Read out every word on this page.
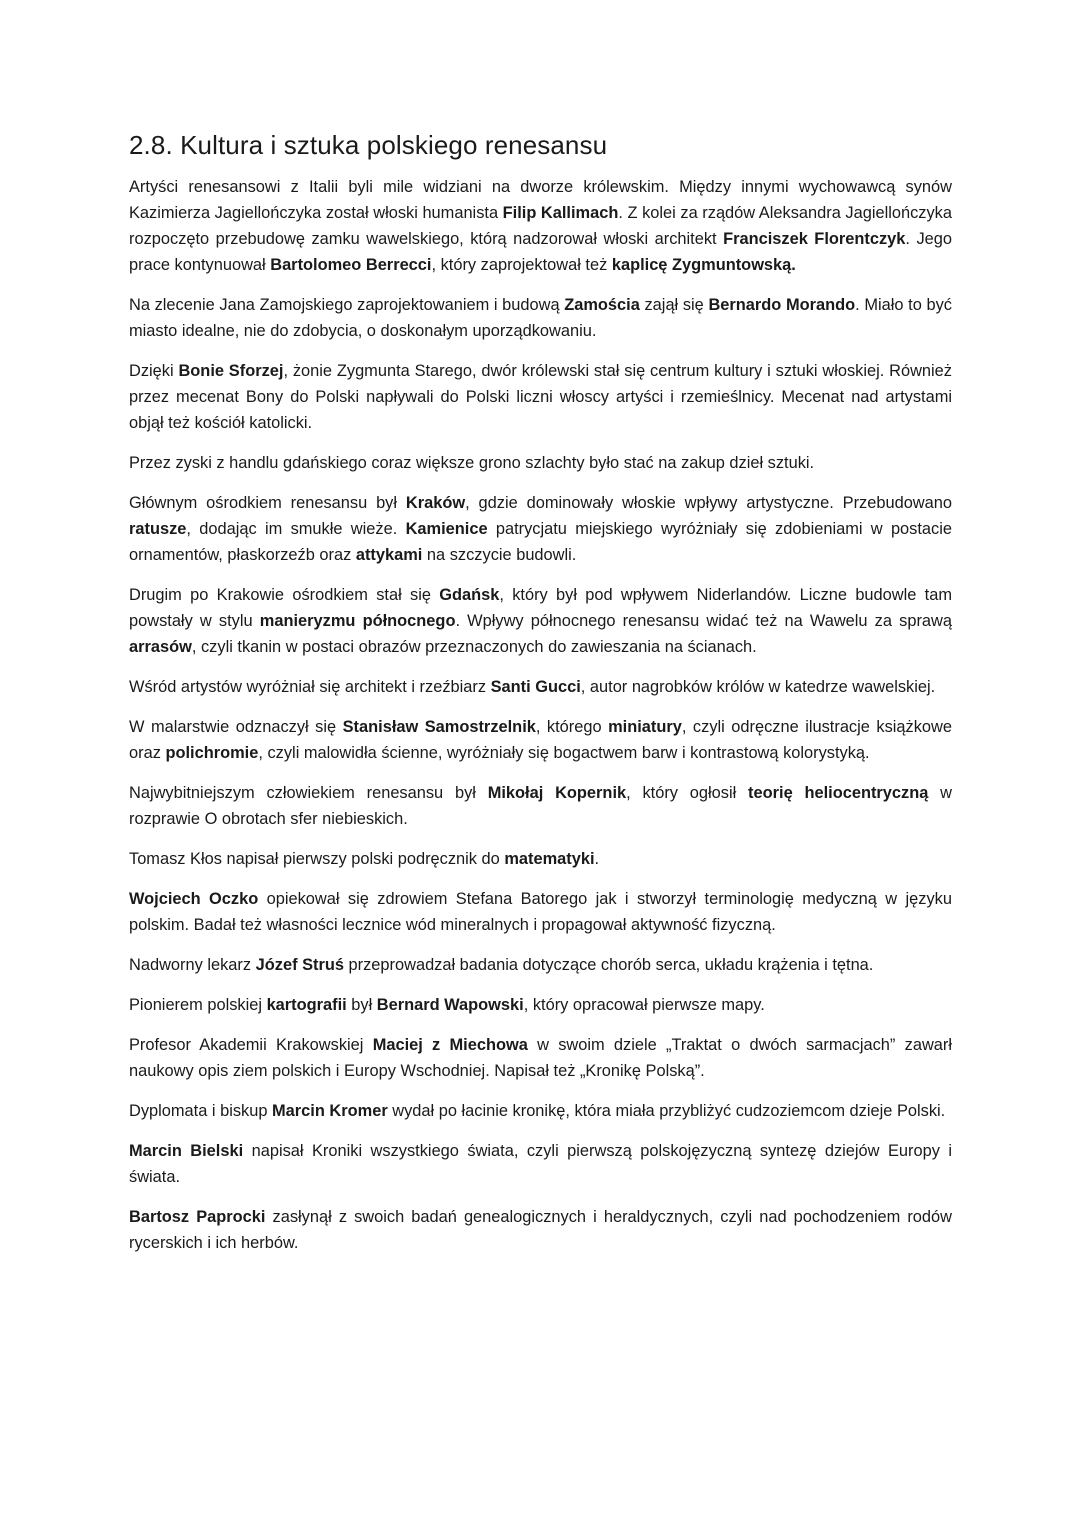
2.8. Kultura i sztuka polskiego renesansu

Artyści renesansowi z Italii byli mile widziani na dworze królewskim. Między innymi wychowawcą synów Kazimierza Jagiellończyka został włoski humanista Filip Kallimach. Z kolei za rządów Aleksandra Jagiellończyka rozpoczęto przebudowę zamku wawelskiego, którą nadzorował włoski architekt Franciszek Florentczyk. Jego prace kontynuował Bartolomeo Berrecci, który zaprojektował też kaplicę Zygmuntowską.

Na zlecenie Jana Zamojskiego zaprojektowaniem i budową Zamościa zajął się Bernardo Morando. Miało to być miasto idealne, nie do zdobycia, o doskonałym uporządkowaniu.

Dzięki Bonie Sforzej, żonie Zygmunta Starego, dwór królewski stał się centrum kultury i sztuki włoskiej. Również przez mecenat Bony do Polski napływali do Polski liczni włoscy artyści i rzemieślnicy. Mecenat nad artystami objął też kościół katolicki.

Przez zyski z handlu gdańskiego coraz większe grono szlachty było stać na zakup dzieł sztuki.

Głównym ośrodkiem renesansu był Kraków, gdzie dominowały włoskie wpływy artystyczne. Przebudowano ratusze, dodając im smukłe wieże. Kamienice patrycjatu miejskiego wyróżniały się zdobieniami w postacie ornamentów, płaskorzeźb oraz attykami na szczycie budowli.

Drugim po Krakowie ośrodkiem stał się Gdańsk, który był pod wpływem Niderlandów. Liczne budowle tam powstały w stylu manieryzmu północnego. Wpływy północnego renesansu widać też na Wawelu za sprawą arrasów, czyli tkanin w postaci obrazów przeznaczonych do zawieszania na ścianach.

Wśród artystów wyróżniał się architekt i rzeźbiarz Santi Gucci, autor nagrobków królów w katedrze wawelskiej.

W malarstwie odznaczył się Stanisław Samostrzelnik, którego miniatury, czyli odręczne ilustracje książkowe oraz polichromie, czyli malowidła ścienne, wyróżniały się bogactwem barw i kontrastową kolorystyką.

Najwybitniejszym człowiekiem renesansu był Mikołaj Kopernik, który ogłosił teorię heliocentryczną w rozprawie O obrotach sfer niebieskich.

Tomasz Kłos napisał pierwszy polski podręcznik do matematyki.

Wojciech Oczko opiekował się zdrowiem Stefana Batorego jak i stworzył terminologię medyczną w języku polskim. Badał też własności lecznice wód mineralnych i propagował aktywność fizyczną.

Nadworny lekarz Józef Struś przeprowadzał badania dotyczące chorób serca, układu krążenia i tętna.

Pionierem polskiej kartografii był Bernard Wapowski, który opracował pierwsze mapy.

Profesor Akademii Krakowskiej Maciej z Miechowa w swoim dziele „Traktat o dwóch sarmacjach” zawarł naukowy opis ziem polskich i Europy Wschodniej. Napisał też „Kronikę Polską”.

Dyplomata i biskup Marcin Kromer wydał po łacinie kronikę, która miała przybliżyć cudzoziemcom dzieje Polski.

Marcin Bielski napisał Kroniki wszystkiego świata, czyli pierwszą polskojęzyczną syntezę dziejów Europy i świata.

Bartosz Paprocki zasłynął z swoich badań genealogicznych i heraldycznych, czyli nad pochodzeniem rodów rycerskich i ich herbów.
